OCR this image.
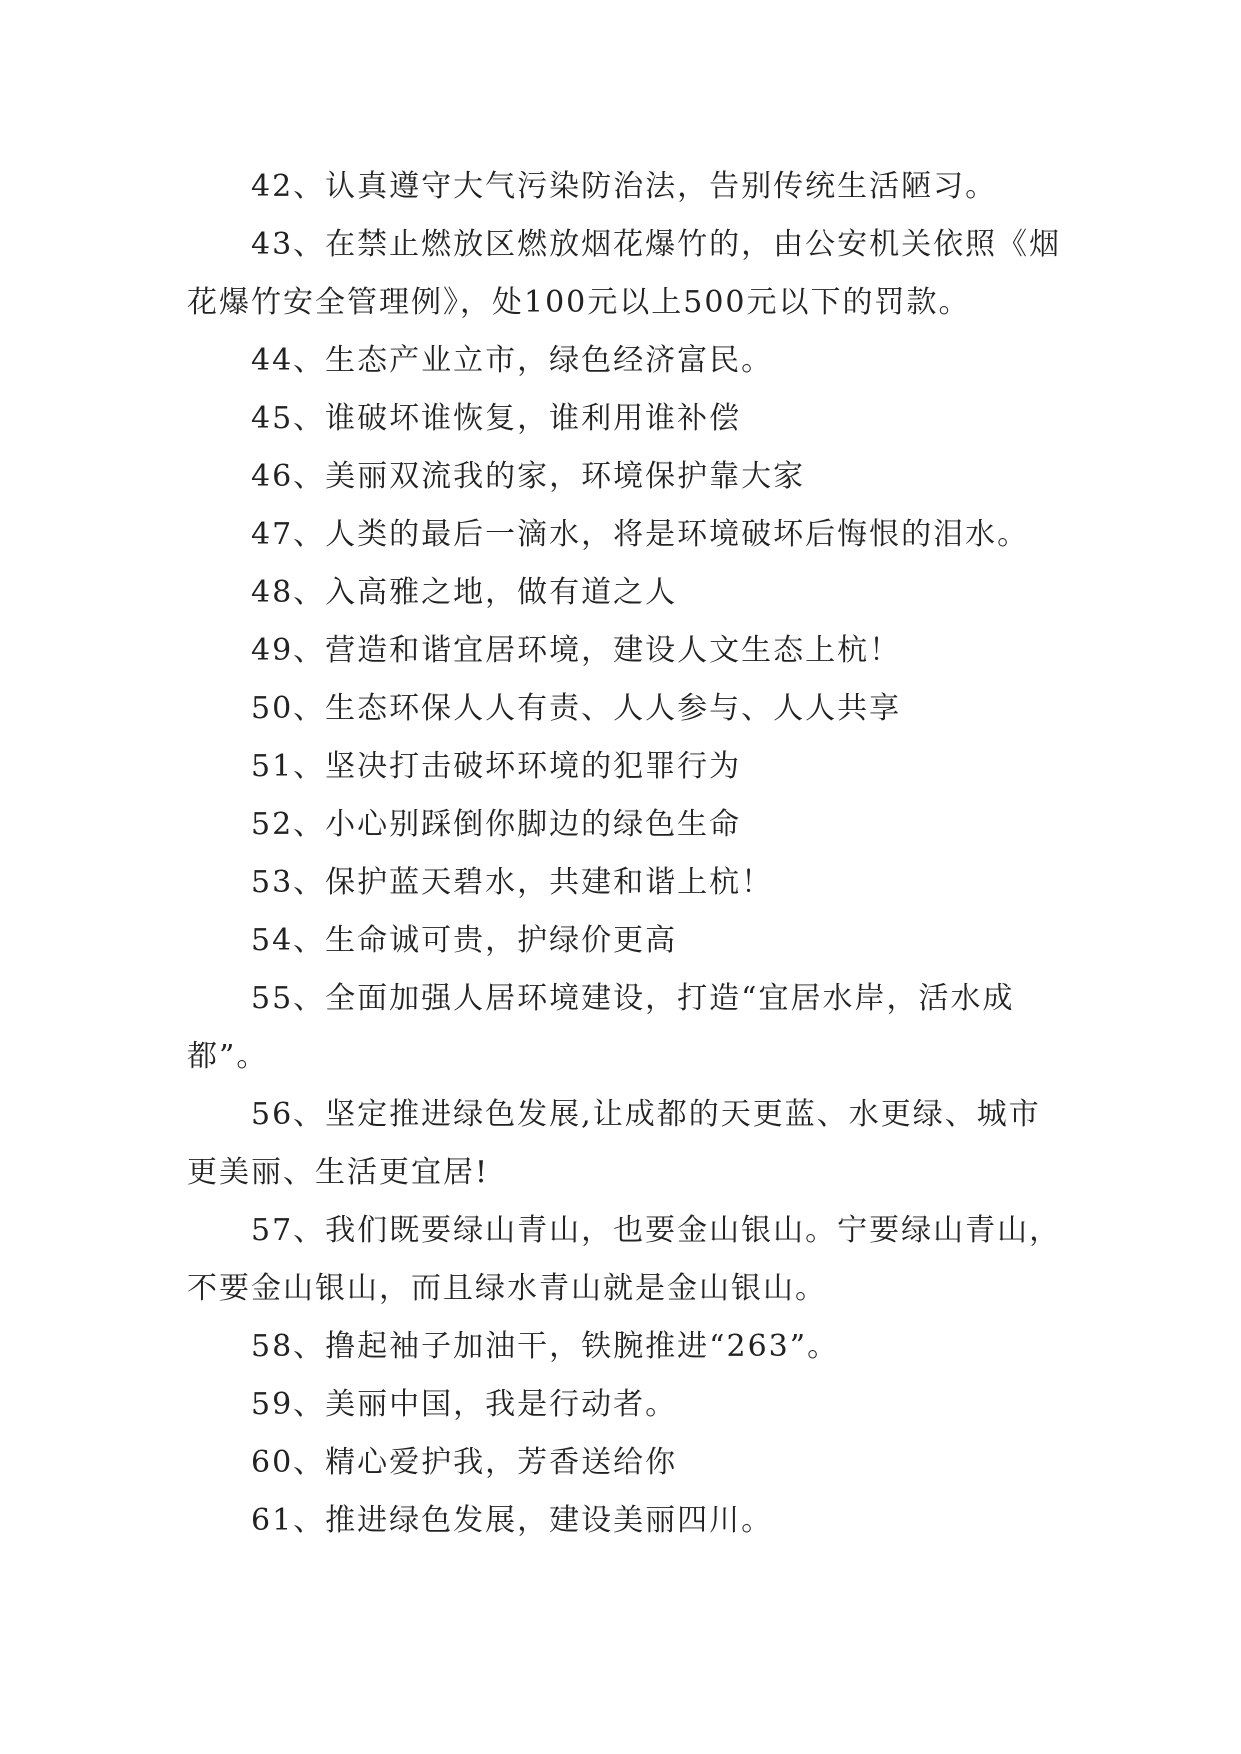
42、认真遵守大气污染防治法，告别传统生活陋习。

43、在禁止燃放区燃放烟花爆竹的，由公安机关依照《烟花爆竹安全管理例》，处100元以上500元以下的罚款。

44、生态产业立市，绿色经济富民。

45、谁破坏谁恢复，谁利用谁补偿

46、美丽双流我的家，环境保护靠大家

47、人类的最后一滴水，将是环境破坏后悔恨的泪水。

48、入高雅之地，做有道之人

49、营造和谐宜居环境，建设人文生态上杭！

50、生态环保人人有责、人人参与、人人共享

51、坚决打击破坏环境的犯罪行为

52、小心别踩倒你脚边的绿色生命

53、保护蓝天碧水，共建和谐上杭！

54、生命诚可贵，护绿价更高

55、全面加强人居环境建设，打造“宜居水岸，活水成都”。

56、坚定推进绿色发展,让成都的天更蓝、水更绿、城市更美丽、生活更宜居!

57、我们既要绿山青山，也要金山银山。宁要绿山青山，不要金山银山，而且绿水青山就是金山银山。

58、撸起袖子加油干，铁腕推进“263”。

59、美丽中国，我是行动者。

60、精心爱护我，芳香送给你

61、推进绿色发展，建设美丽四川。
